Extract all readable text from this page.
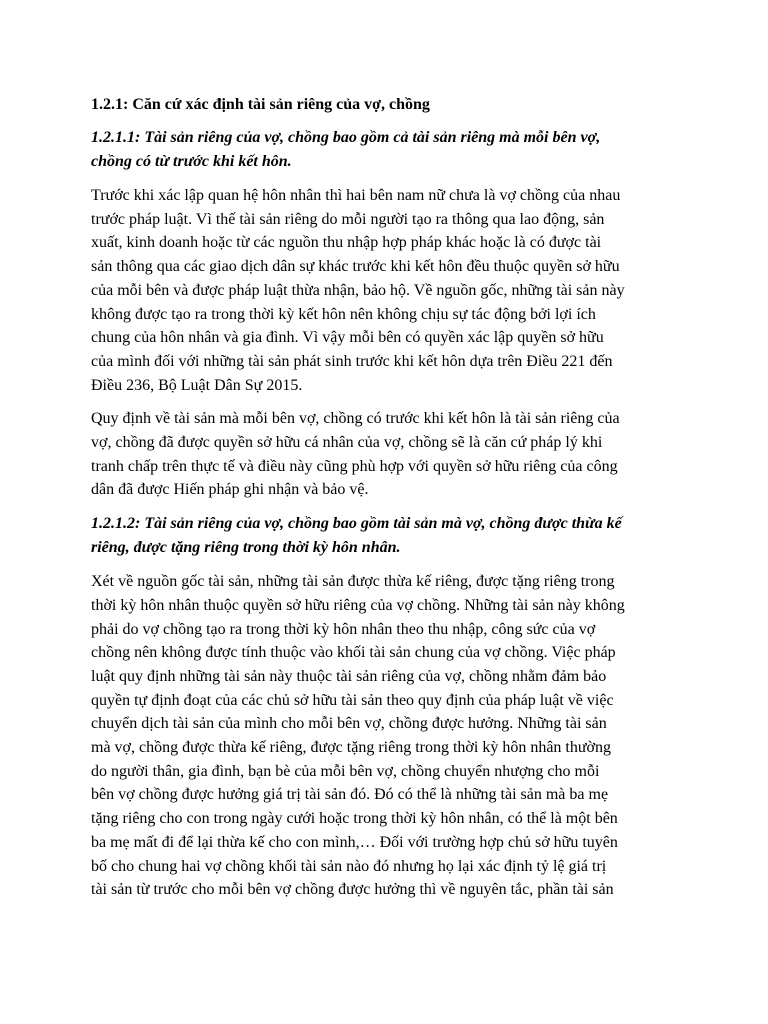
1.2.1: Căn cứ xác định tài sản riêng của vợ, chồng
1.2.1.1: Tài sản riêng của vợ, chồng bao gồm cả tài sản riêng mà mỗi bên vợ,
chồng có từ trước khi kết hôn.
Trước khi xác lập quan hệ hôn nhân thì hai bên nam nữ chưa là vợ chồng của nhau
trước pháp luật. Vì thế tài sản riêng do mỗi người tạo ra thông qua lao động, sản
xuất, kinh doanh hoặc từ các nguồn thu nhập hợp pháp khác hoặc là có được tài
sản thông qua các giao dịch dân sự khác trước khi kết hôn đều thuộc quyền sở hữu
của mỗi bên và được pháp luật thừa nhận, bảo hộ. Về nguồn gốc, những tài sản này
không được tạo ra trong thời kỳ kết hôn nên không chịu sự tác động bởi lợi ích
chung của hôn nhân và gia đình. Vì vậy mỗi bên có quyền xác lập quyền sở hữu
của mình đối với những tài sản phát sinh trước khi kết hôn dựa trên Điều 221 đến
Điều 236, Bộ Luật Dân Sự 2015.
Quy định về tài sản mà mỗi bên vợ, chồng có trước khi kết hôn là tài sản riêng của
vợ, chồng đã được quyền sở hữu cá nhân của vợ, chồng sẽ là căn cứ pháp lý khi
tranh chấp trên thực tế và điều này cũng phù hợp với quyền sở hữu riêng của công
dân đã được Hiến pháp ghi nhận và bảo vệ.
1.2.1.2: Tài sản riêng của vợ, chồng bao gồm tài sản mà vợ, chồng được thừa kế
riêng, được tặng riêng trong thời kỳ hôn nhân.
Xét về nguồn gốc tài sản, những tài sản được thừa kế riêng, được tặng riêng trong
thời kỳ hôn nhân thuộc quyền sở hữu riêng của vợ chồng. Những tài sản này không
phải do vợ chồng tạo ra trong thời kỳ hôn nhân theo thu nhập, công sức của vợ
chồng nên không được tính thuộc vào khối tài sản chung của vợ chồng. Việc pháp
luật quy định những tài sản này thuộc tài sản riêng của vợ, chồng nhằm đảm bảo
quyền tự định đoạt của các chủ sở hữu tài sản theo quy định của pháp luật về việc
chuyển dịch tài sản của mình cho mỗi bên vợ, chồng được hưởng. Những tài sản
mà vợ, chồng được thừa kế riêng, được tặng riêng trong thời kỳ hôn nhân thường
do người thân, gia đình, bạn bè của mỗi bên vợ, chồng chuyển nhượng cho mỗi
bên vợ chồng được hưởng giá trị tài sản đó. Đó có thể là những tài sản mà ba mẹ
tặng riêng cho con trong ngày cưới hoặc trong thời kỳ hôn nhân, có thể là một bên
ba mẹ mất đi để lại thừa kế cho con mình,… Đối với trường hợp chủ sở hữu tuyên
bố cho chung hai vợ chồng khối tài sản nào đó nhưng họ lại xác định tỷ lệ giá trị
tài sản từ trước cho mỗi bên vợ chồng được hưởng thì về nguyên tắc, phần tài sản
